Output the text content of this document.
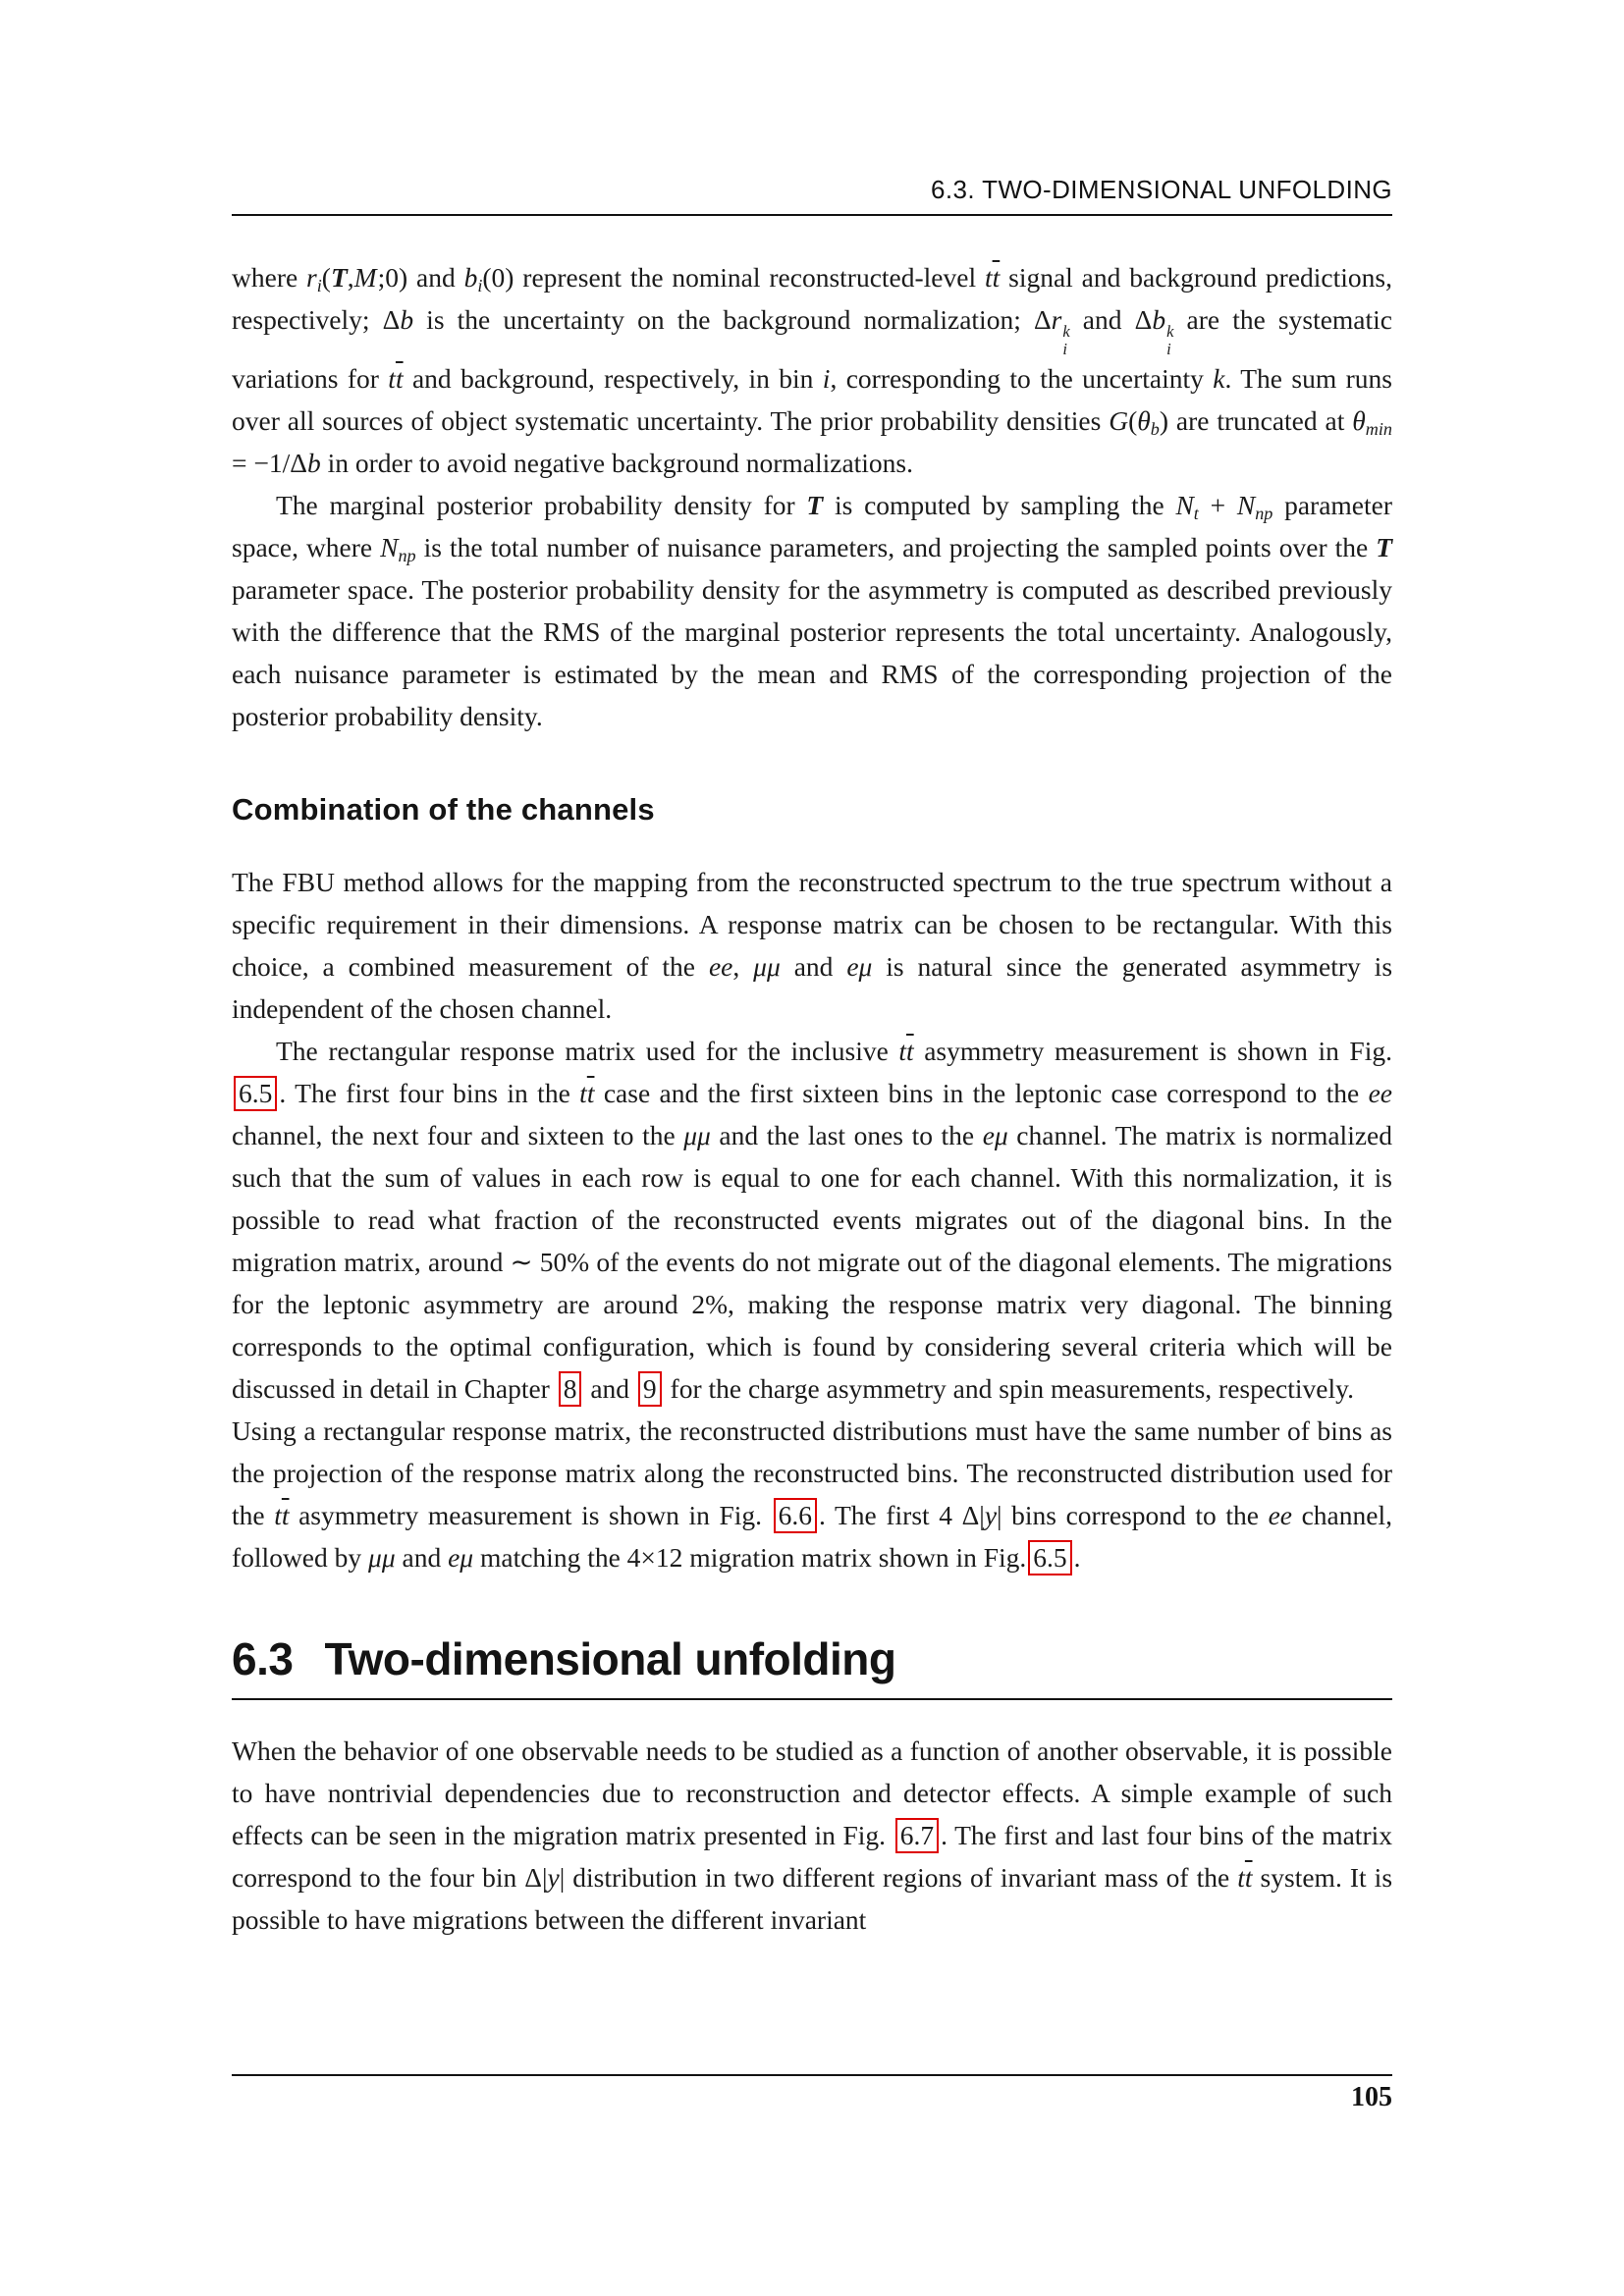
6.3. TWO-DIMENSIONAL UNFOLDING

where $r_i(T,M;0)$ and $b_i(0)$ represent the nominal reconstructed-level $t\overline{t}$ signal and background predictions, respectively; Δb is the uncertainty on the background normalization; Δr k
i
and Δb k
i
are the systematic variations for $t\overline{t}$ and background, respectively, in bin i, corresponding to the uncertainty k. The sum runs over all sources of object systematic uncertainty. The prior probability densities $G(\theta_b)$ are truncated at $\theta_{min} = -1/\Delta b$ in order to avoid negative background normalizations.

The marginal posterior probability density for T is computed by sampling the $N_t + N_{np}$ parameter space, where $N_{np}$ is the total number of nuisance parameters, and projecting the sampled points over the T parameter space. The posterior probability density for the asymmetry is computed as described previously with the difference that the RMS of the marginal posterior represents the total uncertainty. Analogously, each nuisance parameter is estimated by the mean and RMS of the corresponding projection of the posterior probability density.

Combination of the channels

The FBU method allows for the mapping from the reconstructed spectrum to the true spectrum without a specific requirement in their dimensions. A response matrix can be chosen to be rectangular. With this choice, a combined measurement of the ee, μμ and eμ is natural since the generated asymmetry is independent of the chosen channel.

The rectangular response matrix used for the inclusive $t\overline{t}$ asymmetry measurement is shown in Fig. 6.5 . The first four bins in the $t\overline{t}$ case and the first sixteen bins in the leptonic case correspond to the ee channel, the next four and sixteen to the μμ and the last ones to the eμ channel. The matrix is normalized such that the sum of values in each row is equal to one for each channel. With this normalization, it is possible to read what fraction of the reconstructed events migrates out of the diagonal bins. In the migration matrix, around ∼ 50% of the events do not migrate out of the diagonal elements. The migrations for the leptonic asymmetry are around 2%, making the response matrix very diagonal. The binning corresponds to the optimal configuration, which is found by considering several criteria which will be discussed in detail in Chapter 8 and 9 for the charge asymmetry and spin measurements, respectively.

Using a rectangular response matrix, the reconstructed distributions must have the same number of bins as the projection of the response matrix along the reconstructed bins. The reconstructed distribution used for the $t\overline{t}$ asymmetry measurement is shown in Fig. 6.6 . The first 4 Δ|y| bins correspond to the ee channel, followed by μμ and eμ matching the 4×12 migration matrix shown in Fig. 6.5 .

6.3 Two-dimensional unfolding

When the behavior of one observable needs to be studied as a function of another observable, it is possible to have nontrivial dependencies due to reconstruction and detector effects. A simple example of such effects can be seen in the migration matrix presented in Fig. 6.7 . The first and last four bins of the matrix correspond to the four bin Δ|y| distribution in two different regions of invariant mass of the $t\overline{t}$ system. It is possible to have migrations between the different invariant

105
